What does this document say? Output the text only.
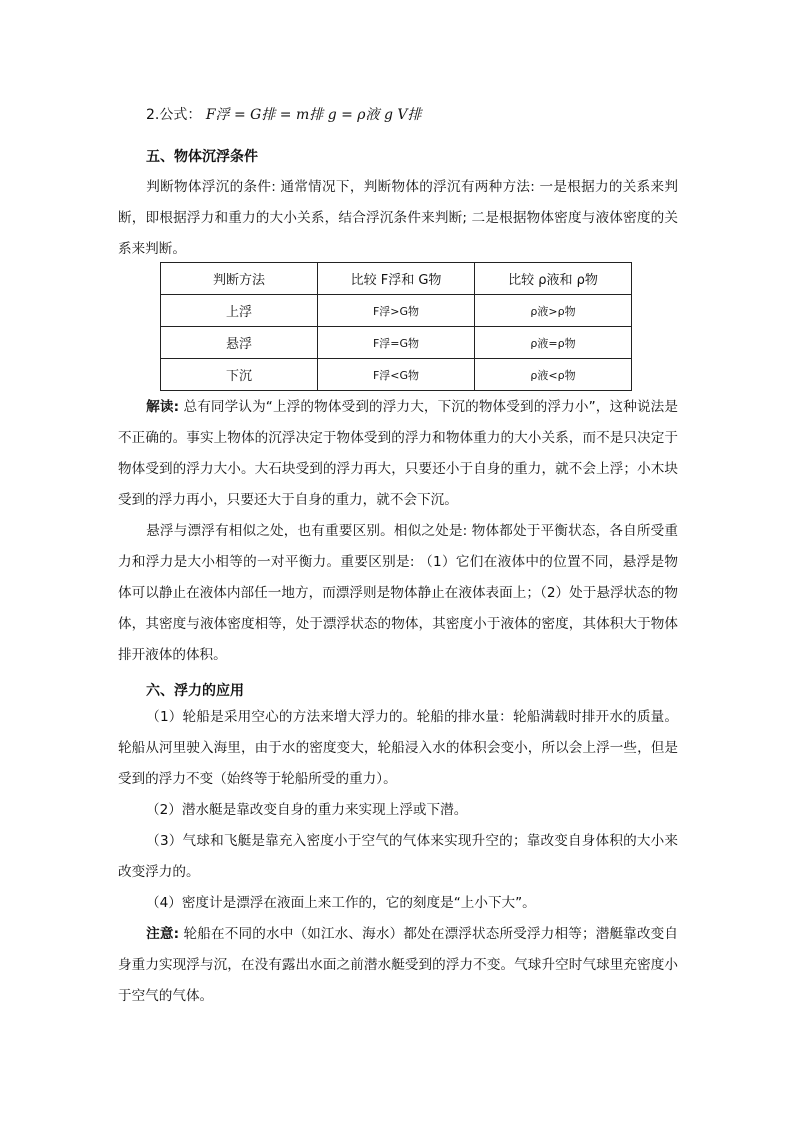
2.公式： F浮 = G排 = m排 g = ρ液 g V排
五、物体沉浮条件

判断物体浮沉的条件: 通常情况下，判断物体的浮沉有两种方法: 一是根据力的关系来判断，即根据浮力和重力的大小关系，结合浮沉条件来判断; 二是根据物体密度与液体密度的关系来判断。

判断方法	比较 F浮和 G物	比较 ρ液和 ρ物
上浮	F浮>G物	ρ液>ρ物
悬浮	F浮=G物	ρ液=ρ物
下沉	F浮<G物	ρ液<ρ物

解读: 总有同学认为“上浮的物体受到的浮力大，下沉的物体受到的浮力小”，这种说法是不正确的。事实上物体的沉浮决定于物体受到的浮力和物体重力的大小关系，而不是只决定于物体受到的浮力大小。大石块受到的浮力再大，只要还小于自身的重力，就不会上浮；小木块受到的浮力再小，只要还大于自身的重力，就不会下沉。

悬浮与漂浮有相似之处，也有重要区别。相似之处是: 物体都处于平衡状态，各自所受重力和浮力是大小相等的一对平衡力。重要区别是: （1）它们在液体中的位置不同，悬浮是物体可以静止在液体内部任一地方，而漂浮则是物体静止在液体表面上；（2）处于悬浮状态的物体，其密度与液体密度相等，处于漂浮状态的物体，其密度小于液体的密度，其体积大于物体排开液体的体积。

六、浮力的应用

（1）轮船是采用空心的方法来增大浮力的。轮船的排水量：轮船满载时排开水的质量。轮船从河里驶入海里，由于水的密度变大，轮船浸入水的体积会变小，所以会上浮一些，但是受到的浮力不变（始终等于轮船所受的重力）。

（2）潜水艇是靠改变自身的重力来实现上浮或下潜。

（3）气球和飞艇是靠充入密度小于空气的气体来实现升空的；靠改变自身体积的大小来改变浮力的。

（4）密度计是漂浮在液面上来工作的，它的刻度是“上小下大”。

注意: 轮船在不同的水中（如江水、海水）都处在漂浮状态所受浮力相等；潜艇靠改变自身重力实现浮与沉，在没有露出水面之前潜水艇受到的浮力不变。气球升空时气球里充密度小于空气的气体。
